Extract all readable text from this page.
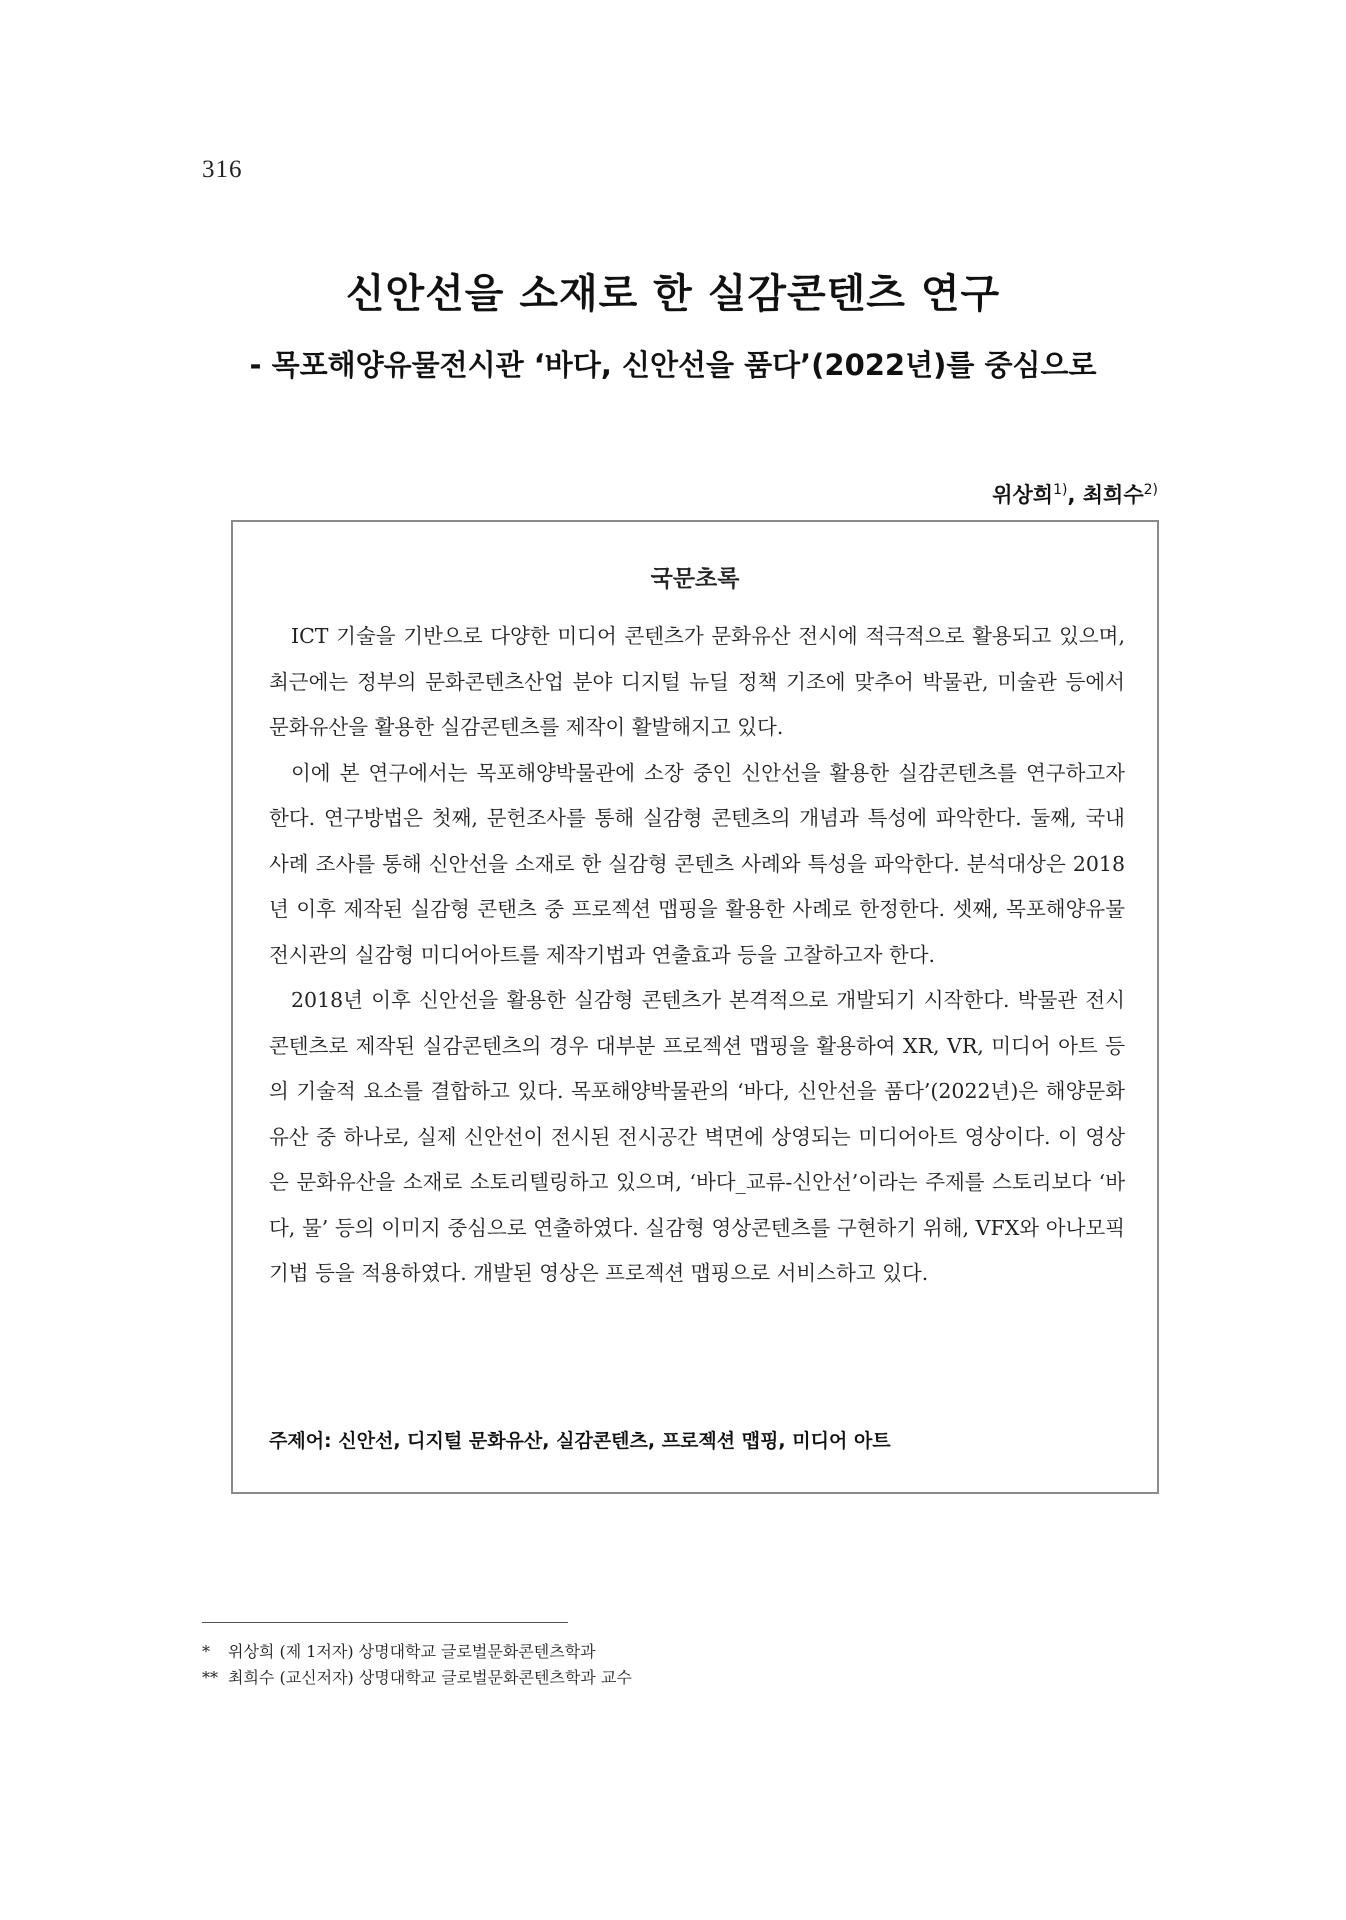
316
신안선을 소재로 한 실감콘텐츠 연구
- 목포해양유물전시관 ‘바다, 신안선을 품다’(2022년)를 중심으로
위상희$^{1)}$, 최희수$^{2)}$
국문초록

ICT 기술을 기반으로 다양한 미디어 콘텐츠가 문화유산 전시에 적극적으로 활용되고 있으며, 최근에는 정부의 문화콘텐츠산업 분야 디지털 뉴딜 정책 기조에 맞추어 박물관, 미술관 등에서 문화유산을 활용한 실감콘텐츠를 제작이 활발해지고 있다.

이에 본 연구에서는 목포해양박물관에 소장 중인 신안선을 활용한 실감콘텐츠를 연구하고자 한다. 연구방법은 첫째, 문헌조사를 통해 실감형 콘텐츠의 개념과 특성에 파악한다. 둘째, 국내 사례 조사를 통해 신안선을 소재로 한 실감형 콘텐츠 사례와 특성을 파악한다. 분석대상은 2018년 이후 제작된 실감형 콘탠츠 중 프로젝션 맵핑을 활용한 사례로 한정한다. 셋째, 목포해양유물전시관의 실감형 미디어아트를 제작기법과 연출효과 등을 고찰하고자 한다.

2018년 이후 신안선을 활용한 실감형 콘텐츠가 본격적으로 개발되기 시작한다. 박물관 전시 콘텐츠로 제작된 실감콘텐츠의 경우 대부분 프로젝션 맵핑을 활용하여 XR, VR, 미디어 아트 등의 기술적 요소를 결합하고 있다. 목포해양박물관의 ‘바다, 신안선을 품다’(2022년)은 해양문화유산 중 하나로, 실제 신안선이 전시된 전시공간 벽면에 상영되는 미디어아트 영상이다. 이 영상은 문화유산을 소재로 소토리텔링하고 있으며, ‘바다_교류-신안선’이라는 주제를 스토리보다 ‘바다, 물’ 등의 이미지 중심으로 연출하였다. 실감형 영상콘텐츠를 구현하기 위해, VFX와 아나모픽 기법 등을 적용하였다. 개발된 영상은 프로젝션 맵핑으로 서비스하고 있다.

주제어: 신안선, 디지털 문화유산, 실감콘텐츠, 프로젝션 맵핑, 미디어 아트
* 위상희 (제 1저자) 상명대학교 글로벌문화콘텐츠학과
** 최희수 (교신저자) 상명대학교 글로벌문화콘텐츠학과 교수
